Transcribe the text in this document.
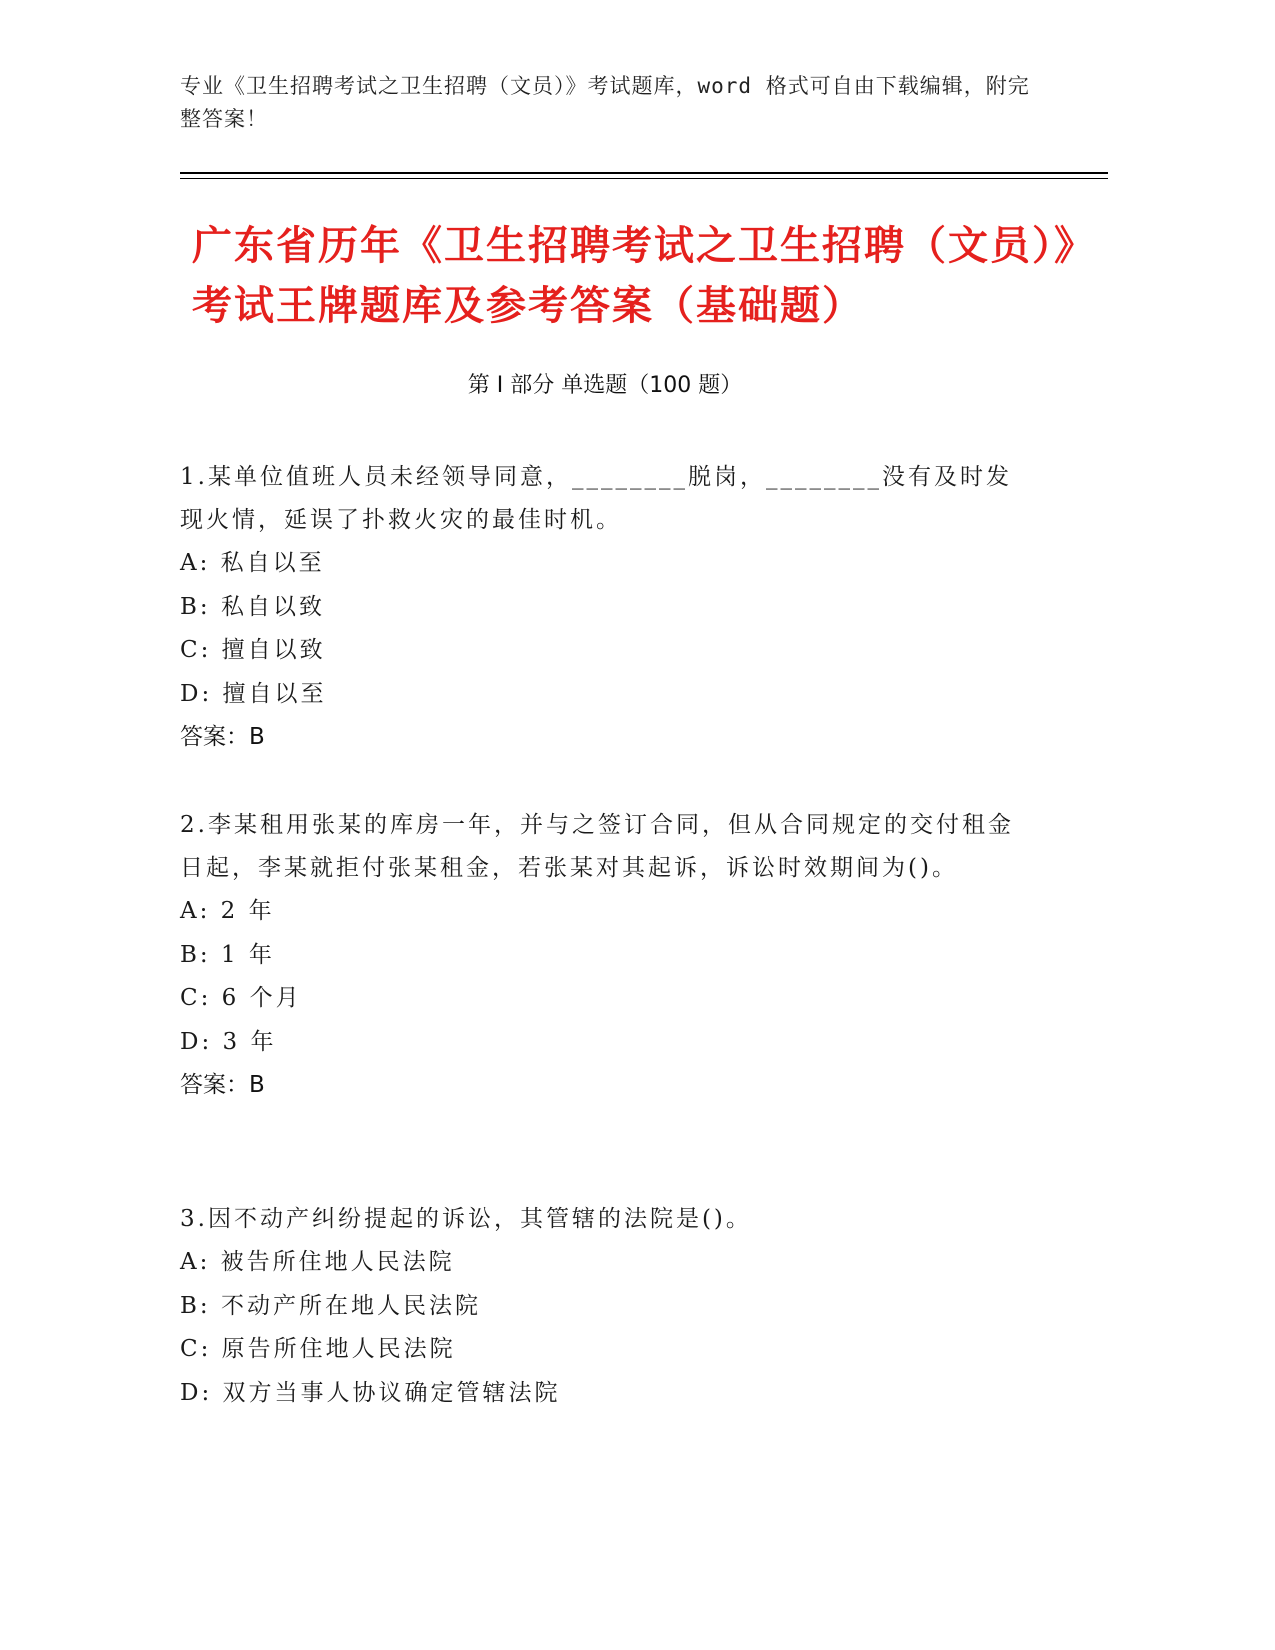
专业《卫生招聘考试之卫生招聘（文员）》考试题库，word 格式可自由下载编辑，附完整答案！
广东省历年《卫生招聘考试之卫生招聘（文员）》考试王牌题库及参考答案（基础题）
第 I 部分 单选题（100 题）
1.某单位值班人员未经领导同意，________脱岗，________没有及时发现火情，延误了扑救火灾的最佳时机。
A: 私自以至
B: 私自以致
C: 擅自以致
D: 擅自以至
答案：B
2.李某租用张某的库房一年，并与之签订合同，但从合同规定的交付租金日起，李某就拒付张某租金，若张某对其起诉，诉讼时效期间为()。
A: 2 年
B: 1 年
C: 6 个月
D: 3 年
答案：B
3.因不动产纠纷提起的诉讼，其管辖的法院是()。
A: 被告所住地人民法院
B: 不动产所在地人民法院
C: 原告所住地人民法院
D: 双方当事人协议确定管辖法院
